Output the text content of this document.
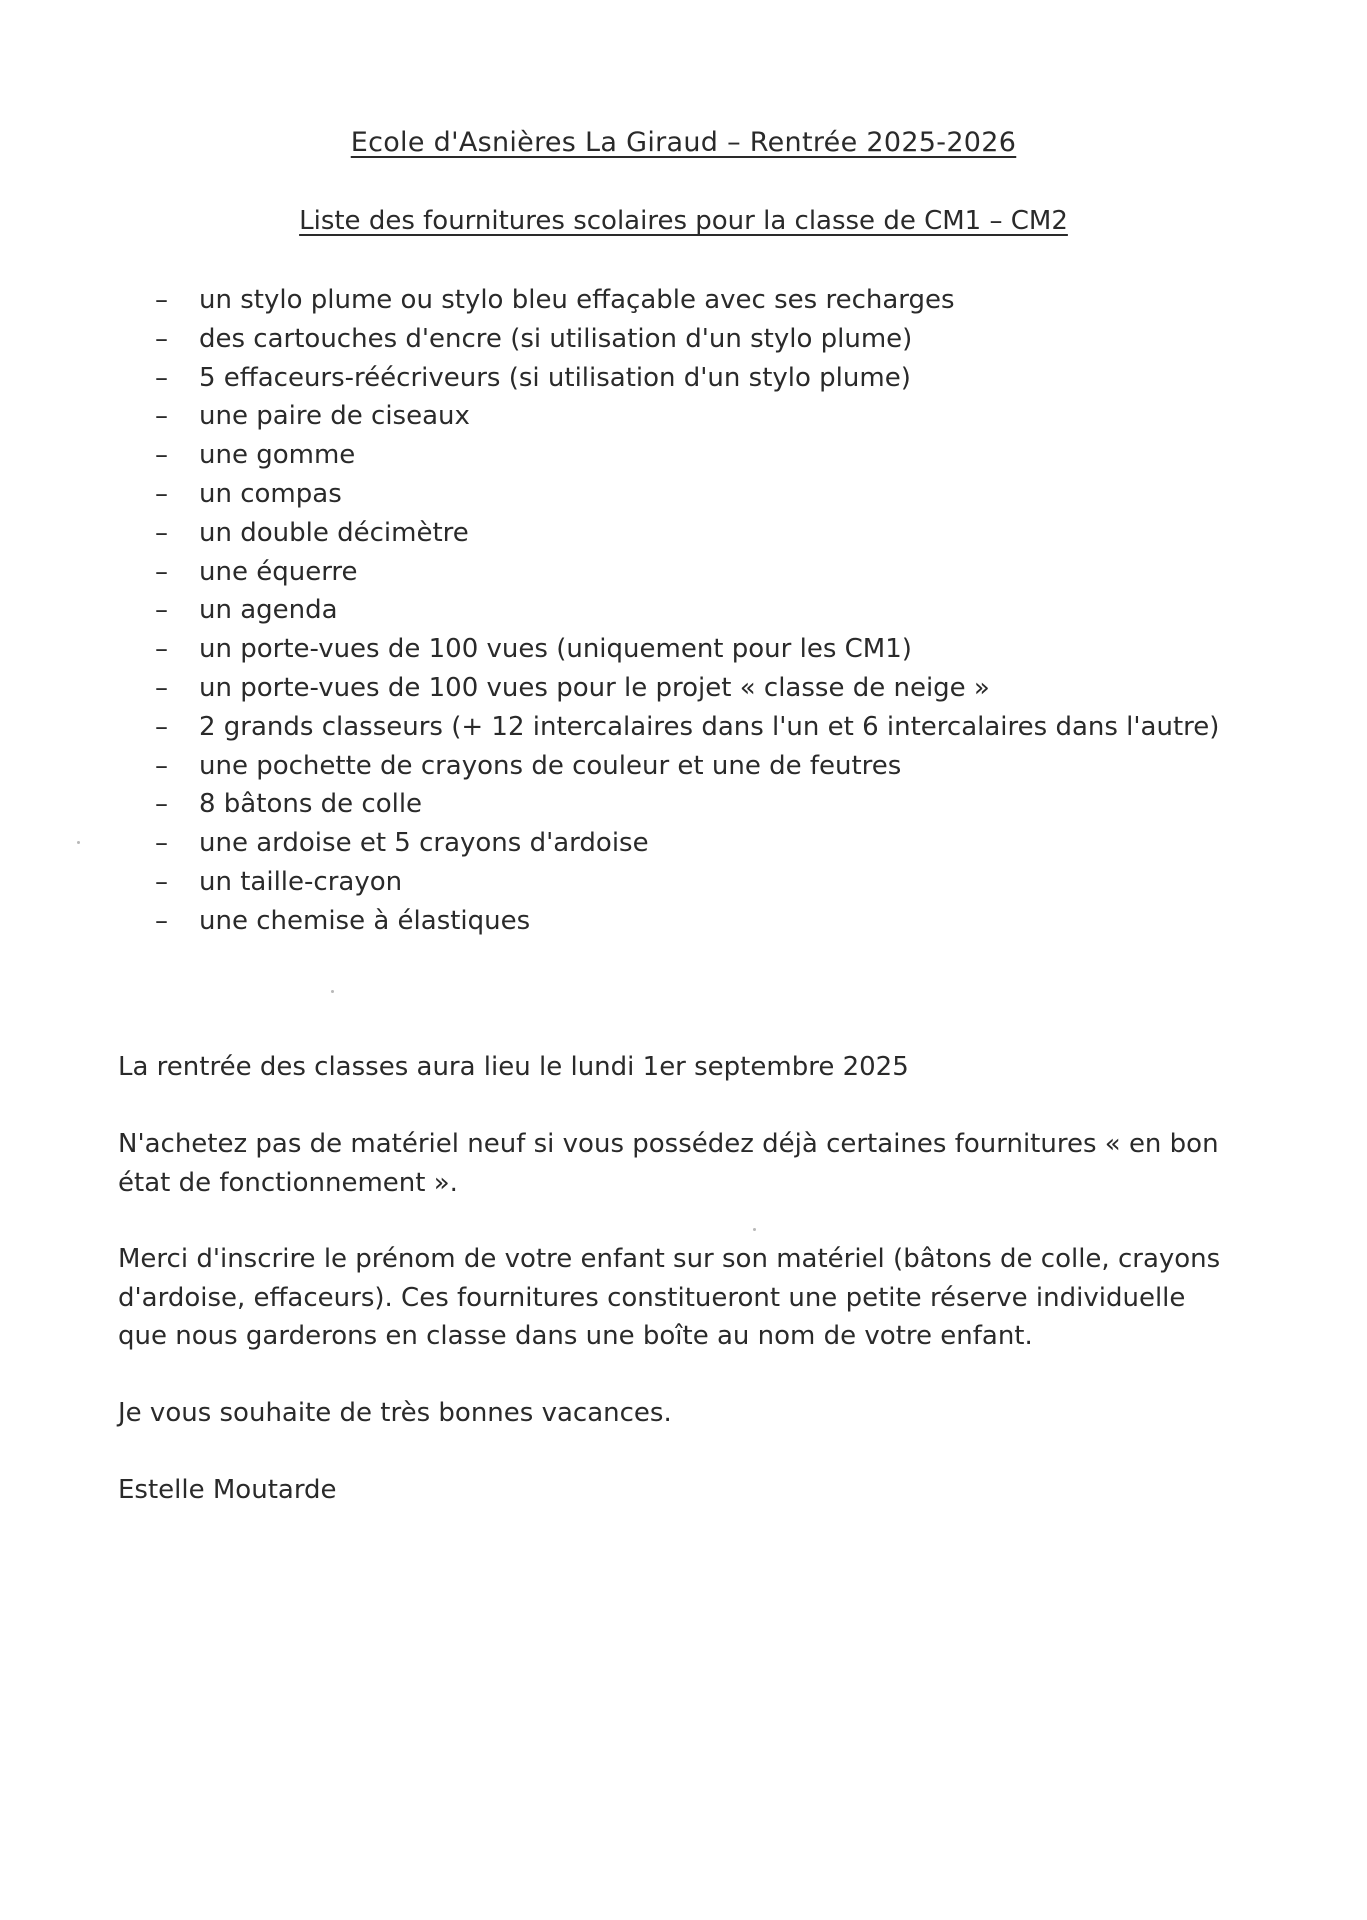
Ecole d'Asnières La Giraud – Rentrée 2025-2026
Liste des fournitures scolaires pour la classe de CM1 – CM2
– un stylo plume ou stylo bleu effaçable avec ses recharges
– des cartouches d'encre (si utilisation d'un stylo plume)
– 5 effaceurs-réécriveurs (si utilisation d'un stylo plume)
– une paire de ciseaux
– une gomme
– un compas
– un double décimètre
– une équerre
– un agenda
– un porte-vues de 100 vues (uniquement pour les CM1)
– un porte-vues de 100 vues pour le projet « classe de neige »
– 2 grands classeurs (+ 12 intercalaires dans l'un et 6 intercalaires dans l'autre)
– une pochette de crayons de couleur et une de feutres
– 8 bâtons de colle
– une ardoise et 5 crayons d'ardoise
– un taille-crayon
– une chemise à élastiques

La rentrée des classes aura lieu le lundi 1er septembre 2025

N'achetez pas de matériel neuf si vous possédez déjà certaines fournitures « en bon
état de fonctionnement ».

Merci d'inscrire le prénom de votre enfant sur son matériel (bâtons de colle, crayons
d'ardoise, effaceurs). Ces fournitures constitueront une petite réserve individuelle
que nous garderons en classe dans une boîte au nom de votre enfant.

Je vous souhaite de très bonnes vacances.

Estelle Moutarde
